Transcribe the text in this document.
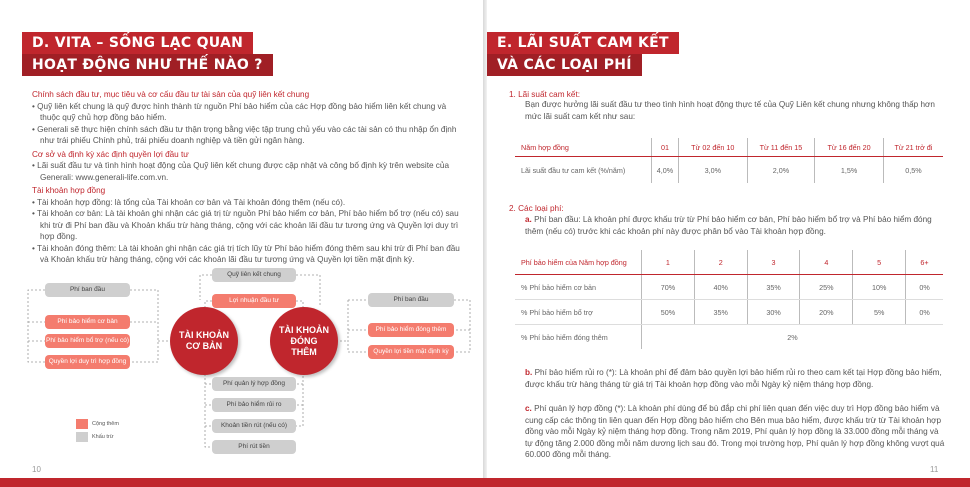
D. VITA – SỐNG LẠC QUAN
HOẠT ĐỘNG NHƯ THẾ NÀO ?
Chính sách đầu tư, mục tiêu và cơ cấu đầu tư tài sản của quỹ liên kết chung
• Quỹ liên kết chung là quỹ được hình thành từ nguồn Phí bảo hiểm của các Hợp đồng bảo hiểm liên kết chung và thuộc quỹ chủ hợp đồng bảo hiểm.
• Generali sẽ thực hiện chính sách đầu tư thận trọng bằng việc tập trung chủ yếu vào các tài sản có thu nhập ổn định như trái phiếu Chính phủ, trái phiếu doanh nghiệp và tiền gửi ngân hàng.
Cơ sở và định kỳ xác định quyền lợi đầu tư
• Lãi suất đầu tư và tình hình hoạt động của Quỹ liên kết chung được cập nhật và công bố định kỳ trên website của Generali: www.generali-life.com.vn.
Tài khoản hợp đồng
• Tài khoản hợp đồng: là tổng của Tài khoản cơ bản và Tài khoản đóng thêm (nếu có).
• Tài khoản cơ bản: Là tài khoản ghi nhận các giá trị từ nguồn Phí bảo hiểm cơ bản, Phí bảo hiểm bổ trợ (nếu có) sau khi trừ đi Phí ban đầu và Khoản khấu trừ hàng tháng, cộng với các khoản lãi đầu tư tương ứng và Quyền lợi duy trì hợp đồng.
• Tài khoản đóng thêm: Là tài khoản ghi nhận các giá trị tích lũy từ Phí bảo hiểm đóng thêm sau khi trừ đi Phí ban đầu và Khoản khấu trừ hàng tháng, cộng với các khoản lãi đầu tư tương ứng và Quyền lợi tiền mặt định kỳ.
Quỹ liên kết chung
Lợi nhuận đầu tư
Phí ban đầu
Phí bảo hiểm cơ bản
Phí bảo hiểm bổ trợ (nếu có)
Quyền lợi duy trì hợp đồng
TÀI KHOẢN CƠ BẢN
TÀI KHOẢN ĐÓNG THÊM
Phí ban đầu
Phí bảo hiểm đóng thêm
Quyền lợi tiền mặt định kỳ
Phí quản lý hợp đồng
Phí bảo hiểm rủi ro
Khoản tiền rút (nếu có)
Phí rút tiền
Cộng thêm
Khấu trừ
10
E. LÃI SUẤT CAM KẾT
VÀ CÁC LOẠI PHÍ
1. Lãi suất cam kết:
Bạn được hưởng lãi suất đầu tư theo tình hình hoạt động thực tế của Quỹ Liên kết chung nhưng không thấp hơn mức lãi suất cam kết như sau:
Năm hợp đồng	01	Từ 02 đến 10	Từ 11 đến 15	Từ 16 đến 20	Từ 21 trở đi
Lãi suất đầu tư cam kết (%/năm)	4,0%	3,0%	2,0%	1,5%	0,5%
2. Các loại phí:
a. Phí ban đầu: Là khoản phí được khấu trừ từ Phí bảo hiểm cơ bản, Phí bảo hiểm bổ trợ và Phí bảo hiểm đóng thêm (nếu có) trước khi các khoản phí này được phân bổ vào Tài khoản hợp đồng.
Phí bảo hiểm của Năm hợp đồng	1	2	3	4	5	6+
% Phí bảo hiểm cơ bản	70%	40%	35%	25%	10%	0%
% Phí bảo hiểm bổ trợ	50%	35%	30%	20%	5%	0%
% Phí bảo hiểm đóng thêm	2%					
b. Phí bảo hiểm rủi ro (*): Là khoản phí để đảm bảo quyền lợi bảo hiểm rủi ro theo cam kết tại Hợp đồng bảo hiểm, được khấu trừ hàng tháng từ giá trị Tài khoản hợp đồng vào mỗi Ngày kỷ niệm tháng hợp đồng.
c. Phí quản lý hợp đồng (*): Là khoản phí dùng để bù đắp chi phí liên quan đến việc duy trì Hợp đồng bảo hiểm và cung cấp các thông tin liên quan đến Hợp đồng bảo hiểm cho Bên mua bảo hiểm, được khấu trừ từ Tài khoản hợp đồng vào mỗi Ngày kỷ niệm tháng hợp đồng. Trong năm 2019, Phí quản lý hợp đồng là 33.000 đồng mỗi tháng và tự động tăng 2.000 đồng mỗi năm dương lịch sau đó. Trong mọi trường hợp, Phí quản lý hợp đồng không vượt quá 60.000 đồng mỗi tháng.
11
